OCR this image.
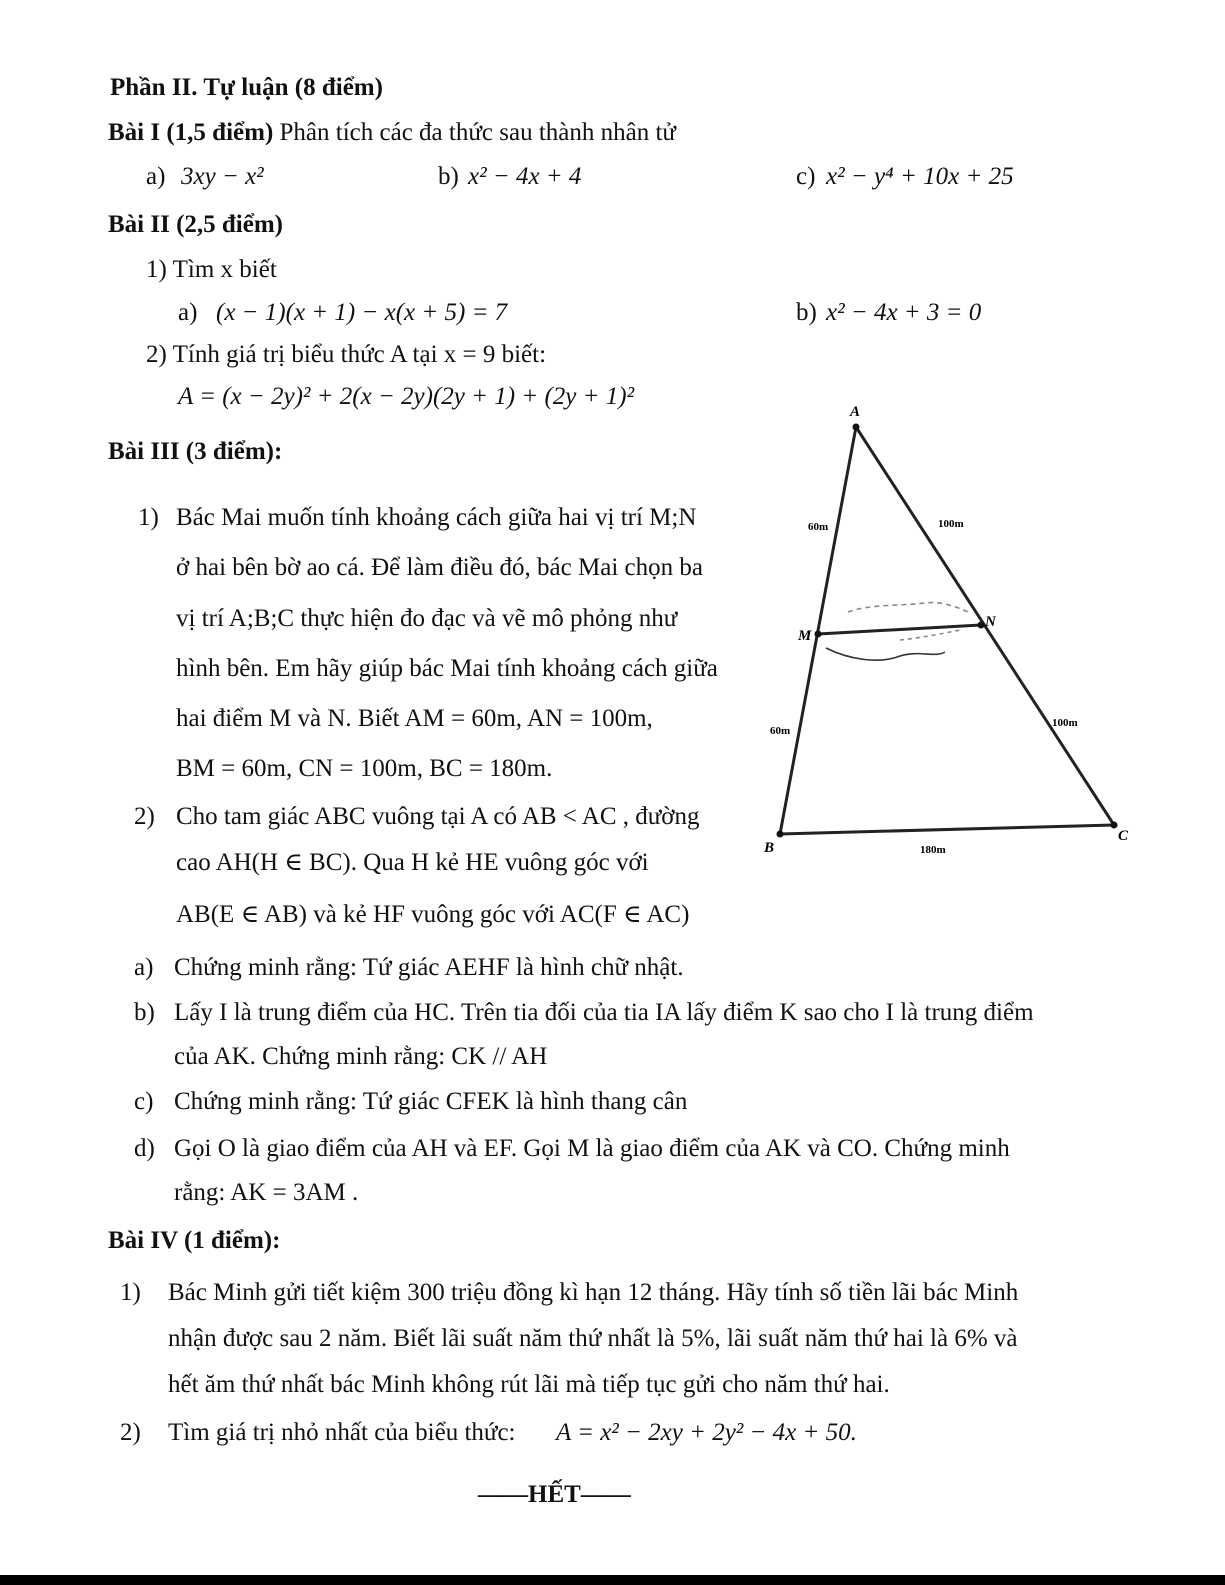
Phần II. Tự luận (8 điểm)
Bài I (1,5 điểm) Phân tích các đa thức sau thành nhân tử
a) 3xy − x²	b) x² − 4x + 4	c) x² − y⁴ + 10x + 25
Bài II (2,5 điểm)
1) Tìm x biết
a) (x − 1)(x + 1) − x(x + 5) = 7	b) x² − 4x + 3 = 0
2) Tính giá trị biểu thức A tại x = 9 biết:
A = (x − 2y)² + 2(x − 2y)(2y + 1) + (2y + 1)²
Bài III (3 điểm):
1) Bác Mai muốn tính khoảng cách giữa hai vị trí M;N
ở hai bên bờ ao cá. Để làm điều đó, bác Mai chọn ba
vị trí A;B;C thực hiện đo đạc và vẽ mô phỏng như
hình bên. Em hãy giúp bác Mai tính khoảng cách giữa
hai điểm M và N. Biết AM = 60m, AN = 100m,
BM = 60m, CN = 100m, BC = 180m.
2) Cho tam giác ABC vuông tại A có AB < AC , đường
cao AH(H ∈ BC). Qua H kẻ HE vuông góc với
AB(E ∈ AB) và kẻ HF vuông góc với AC(F ∈ AC)
a) Chứng minh rằng: Tứ giác AEHF là hình chữ nhật.
b) Lấy I là trung điểm của HC. Trên tia đối của tia IA lấy điểm K sao cho I là trung điểm
của AK. Chứng minh rằng: CK // AH
c) Chứng minh rằng: Tứ giác CFEK là hình thang cân
d) Gọi O là giao điểm của AH và EF. Gọi M là giao điểm của AK và CO. Chứng minh
rằng: AK = 3AM .
A
B
C
M
N
60m	100m
60m
100m
180m
Bài IV (1 điểm):
1) Bác Minh gửi tiết kiệm 300 triệu đồng kì hạn 12 tháng. Hãy tính số tiền lãi bác Minh
nhận được sau 2 năm. Biết lãi suất năm thứ nhất là 5%, lãi suất năm thứ hai là 6% và
hết ăm thứ nhất bác Minh không rút lãi mà tiếp tục gửi cho năm thứ hai.
2) Tìm giá trị nhỏ nhất của biểu thức: A = x² − 2xy + 2y² − 4x + 50.
——HẾT——
